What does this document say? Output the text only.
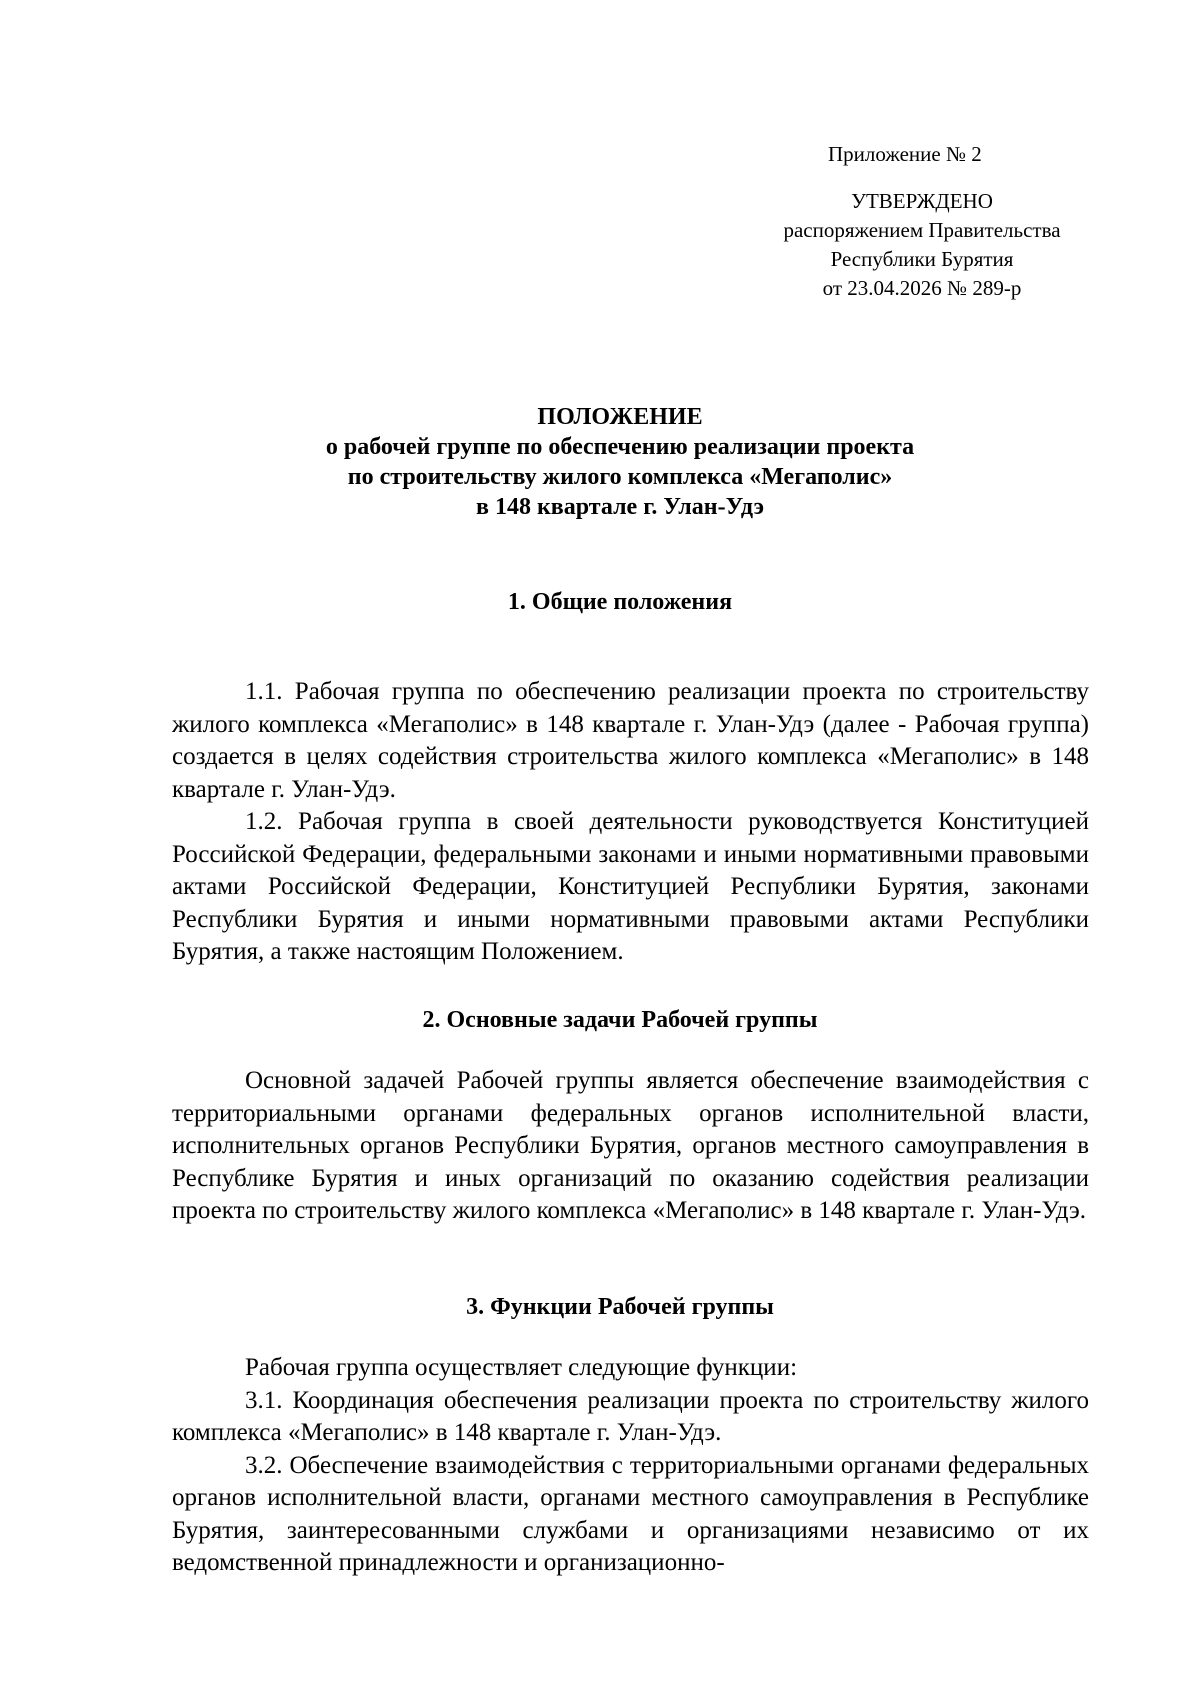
Приложение № 2
УТВЕРЖДЕНО
распоряжением Правительства
Республики Бурятия
от 23.04.2026 № 289-р
ПОЛОЖЕНИЕ
о рабочей группе по обеспечению реализации проекта
по строительству жилого комплекса «Мегаполис»
в 148 квартале г. Улан-Удэ
1. Общие положения

1.1. Рабочая группа по обеспечению реализации проекта по строительству жилого комплекса «Мегаполис» в 148 квартале г. Улан-Удэ (далее - Рабочая группа) создается в целях содействия строительства жилого комплекса «Мегаполис» в 148 квартале г. Улан-Удэ.

1.2. Рабочая группа в своей деятельности руководствуется Конституцией Российской Федерации, федеральными законами и иными нормативными правовыми актами Российской Федерации, Конституцией Республики Бурятия, законами Республики Бурятия и иными нормативными правовыми актами Республики Бурятия, а также настоящим Положением.

2. Основные задачи Рабочей группы

Основной задачей Рабочей группы является обеспечение взаимодействия с территориальными органами федеральных органов исполнительной власти, исполнительных органов Республики Бурятия, органов местного самоуправления в Республике Бурятия и иных организаций по оказанию содействия реализации проекта по строительству жилого комплекса «Мегаполис» в 148 квартале г. Улан-Удэ.

3. Функции Рабочей группы

Рабочая группа осуществляет следующие функции:

3.1. Координация обеспечения реализации проекта по строительству жилого комплекса «Мегаполис» в 148 квартале г. Улан-Удэ.

3.2. Обеспечение взаимодействия с территориальными органами федеральных органов исполнительной власти, органами местного самоуправления в Республике Бурятия, заинтересованными службами и организациями независимо от их ведомственной принадлежности и организационно-
